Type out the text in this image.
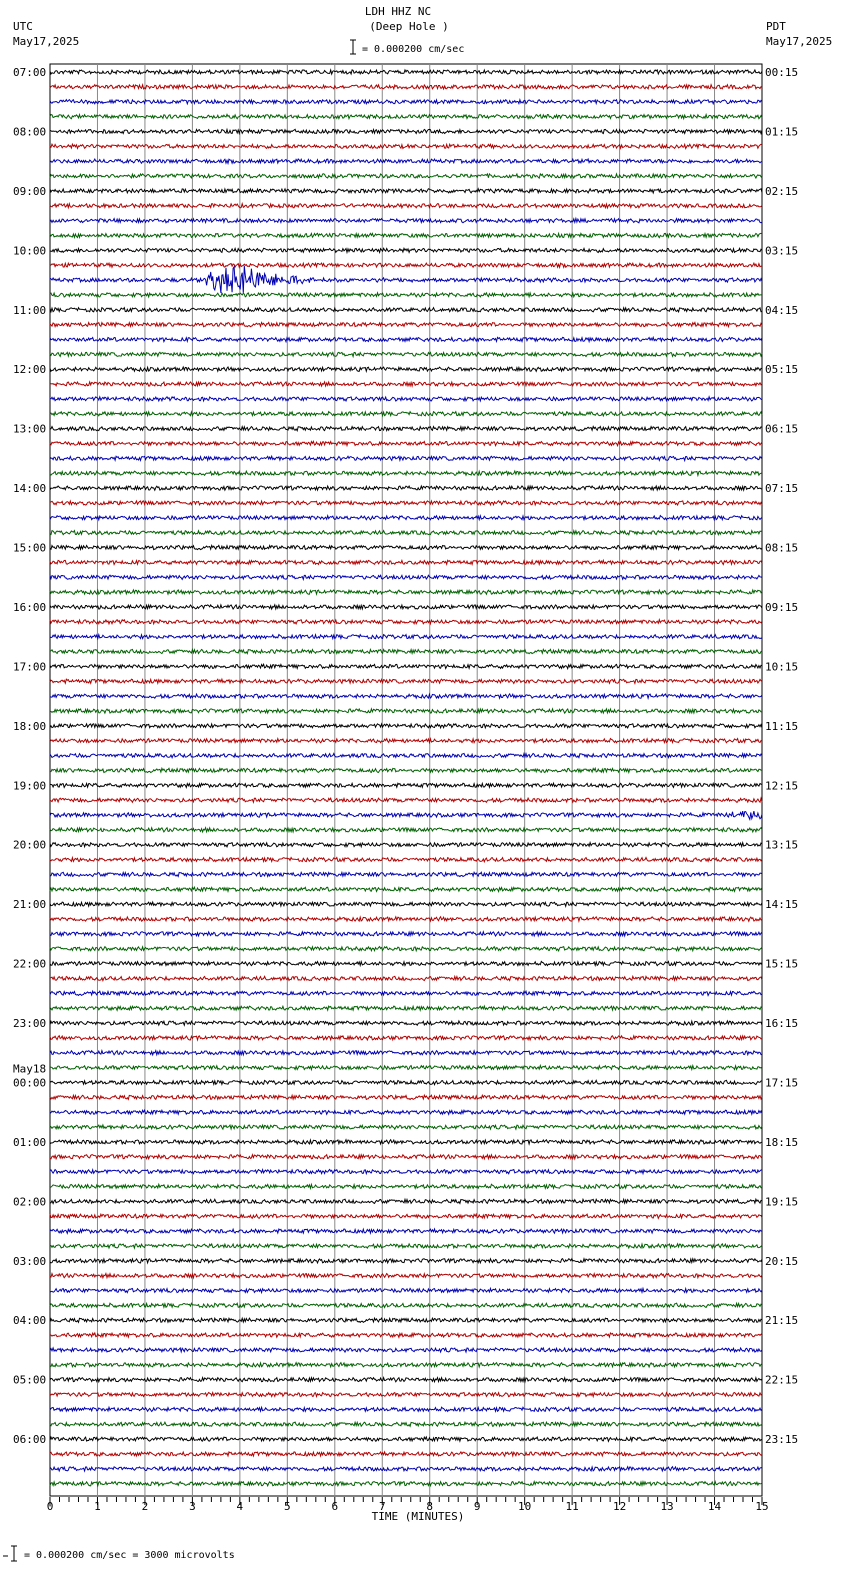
LDH HHZ NC
(Deep Hole )
= 0.000200 cm/sec
UTC
May17,2025
PDT
May17,2025
07:00
08:00
09:00
10:00
11:00
12:00
13:00
14:00
15:00
16:00
17:00
18:00
19:00
20:00
21:00
22:00
23:00
00:00
01:00
02:00
03:00
04:00
05:00
06:00
00:15
01:15
02:15
03:15
04:15
05:15
06:15
07:15
08:15
09:15
10:15
11:15
12:15
13:15
14:15
15:15
16:15
17:15
18:15
19:15
20:15
21:15
22:15
23:15
May18
0	1	2	3	4	5	6	7	8	9	10	11	12	13	14	15
TIME (MINUTES)
= 0.000200 cm/sec = 3000 microvolts
